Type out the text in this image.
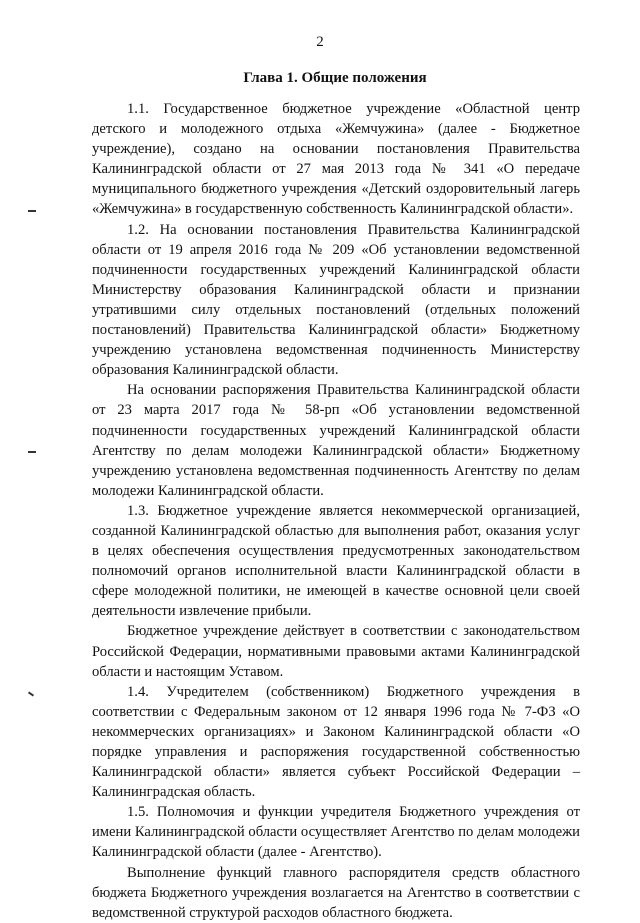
2
Глава 1. Общие положения

1.1. Государственное бюджетное учреждение «Областной центр детского и молодежного отдыха «Жемчужина» (далее - Бюджетное учреждение), создано на основании постановления Правительства Калининградской области от 27 мая 2013 года № 341 «О передаче муниципального бюджетного учреждения «Детский оздоровительный лагерь «Жемчужина» в государственную собственность Калининградской области».

1.2. На основании постановления Правительства Калининградской области от 19 апреля 2016 года № 209 «Об установлении ведомственной подчиненности государственных учреждений Калининградской области Министерству образования Калининградской области и признании утратившими силу отдельных постановлений (отдельных положений постановлений) Правительства Калининградской области» Бюджетному учреждению установлена ведомственная подчиненность Министерству образования Калининградской области.

На основании распоряжения Правительства Калининградской области от 23 марта 2017 года № 58-рп «Об установлении ведомственной подчиненности государственных учреждений Калининградской области Агентству по делам молодежи Калининградской области» Бюджетному учреждению установлена ведомственная подчиненность Агентству по делам молодежи Калининградской области.

1.3. Бюджетное учреждение является некоммерческой организацией, созданной Калининградской областью для выполнения работ, оказания услуг в целях обеспечения осуществления предусмотренных законодательством полномочий органов исполнительной власти Калининградской области в сфере молодежной политики, не имеющей в качестве основной цели своей деятельности извлечение прибыли.

Бюджетное учреждение действует в соответствии с законодательством Российской Федерации, нормативными правовыми актами Калининградской области и настоящим Уставом.

1.4. Учредителем (собственником) Бюджетного учреждения в соответствии с Федеральным законом от 12 января 1996 года № 7-ФЗ «О некоммерческих организациях» и Законом Калининградской области «О порядке управления и распоряжения государственной собственностью Калининградской области» является субъект Российской Федерации – Калининградская область.

1.5. Полномочия и функции учредителя Бюджетного учреждения от имени Калининградской области осуществляет Агентство по делам молодежи Калининградской области (далее - Агентство).

Выполнение функций главного распорядителя средств областного бюджета Бюджетного учреждения возлагается на Агентство в соответствии с ведомственной структурой расходов областного бюджета.
